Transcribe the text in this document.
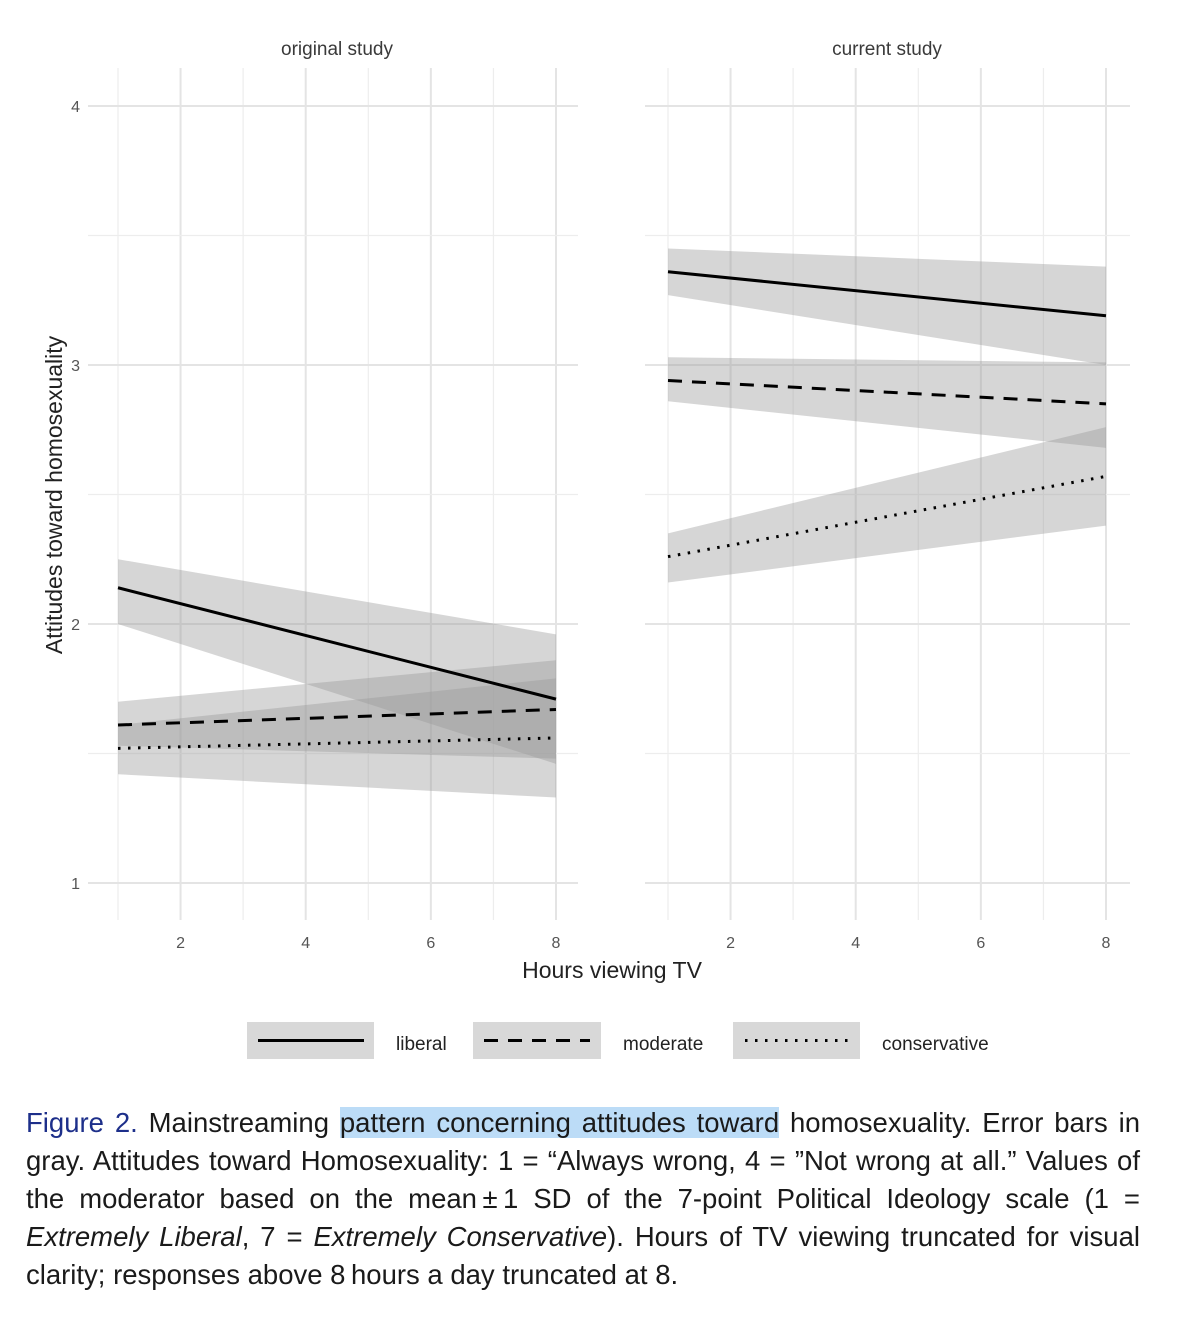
2	4	6	8	2	4	6	8
1
2
3
4
original study	current study
Attitudes toward homosexuality
Hours viewing TV
liberal	moderate	conservative

Figure 2. Mainstreaming pattern concerning attitudes toward homosexuality. Error bars in gray. Attitudes toward Homosexuality: 1 = “Always wrong, 4 = ”Not wrong at all.” Values of the moderator based on the mean ± 1 SD of the 7-point Political Ideology scale (1 = Extremely Liberal, 7 = Extremely Conservative). Hours of TV viewing truncated for visual clarity; responses above 8 hours a day truncated at 8.
